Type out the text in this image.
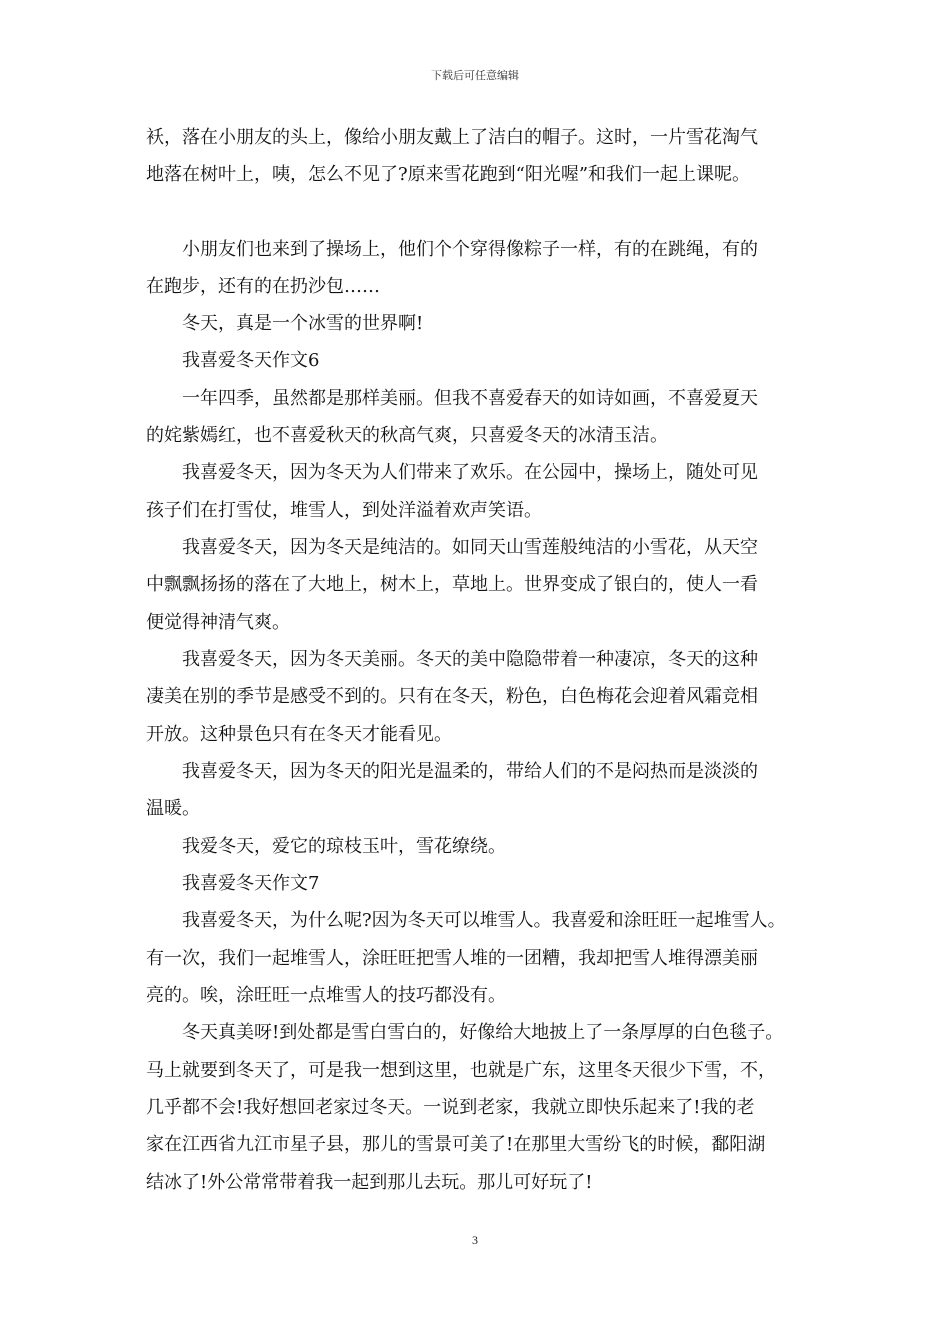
下载后可任意编辑
袄，落在小朋友的头上，像给小朋友戴上了洁白的帽子。这时，一片雪花淘气
地落在树叶上，咦，怎么不见了?原来雪花跑到“阳光喔”和我们一起上课呢。
小朋友们也来到了操场上，他们个个穿得像粽子一样，有的在跳绳，有的
在跑步，还有的在扔沙包……
冬天，真是一个冰雪的世界啊!
我喜爱冬天作文6
一年四季，虽然都是那样美丽。但我不喜爱春天的如诗如画，不喜爱夏天
的姹紫嫣红，也不喜爱秋天的秋高气爽，只喜爱冬天的冰清玉洁。
我喜爱冬天，因为冬天为人们带来了欢乐。在公园中，操场上，随处可见
孩子们在打雪仗，堆雪人，到处洋溢着欢声笑语。
我喜爱冬天，因为冬天是纯洁的。如同天山雪莲般纯洁的小雪花，从天空
中飘飘扬扬的落在了大地上，树木上，草地上。世界变成了银白的，使人一看
便觉得神清气爽。
我喜爱冬天，因为冬天美丽。冬天的美中隐隐带着一种凄凉，冬天的这种
凄美在别的季节是感受不到的。只有在冬天，粉色，白色梅花会迎着风霜竞相
开放。这种景色只有在冬天才能看见。
我喜爱冬天，因为冬天的阳光是温柔的，带给人们的不是闷热而是淡淡的
温暖。
我爱冬天，爱它的琼枝玉叶，雪花缭绕。
我喜爱冬天作文7
我喜爱冬天，为什么呢?因为冬天可以堆雪人。我喜爱和涂旺旺一起堆雪人。
有一次，我们一起堆雪人，涂旺旺把雪人堆的一团糟，我却把雪人堆得漂美丽
亮的。唉，涂旺旺一点堆雪人的技巧都没有。
冬天真美呀!到处都是雪白雪白的，好像给大地披上了一条厚厚的白色毯子。
马上就要到冬天了，可是我一想到这里，也就是广东，这里冬天很少下雪，不，
几乎都不会!我好想回老家过冬天。一说到老家，我就立即快乐起来了!我的老
家在江西省九江市星子县，那儿的雪景可美了!在那里大雪纷飞的时候，鄱阳湖
结冰了!外公常常带着我一起到那儿去玩。那儿可好玩了!
3
